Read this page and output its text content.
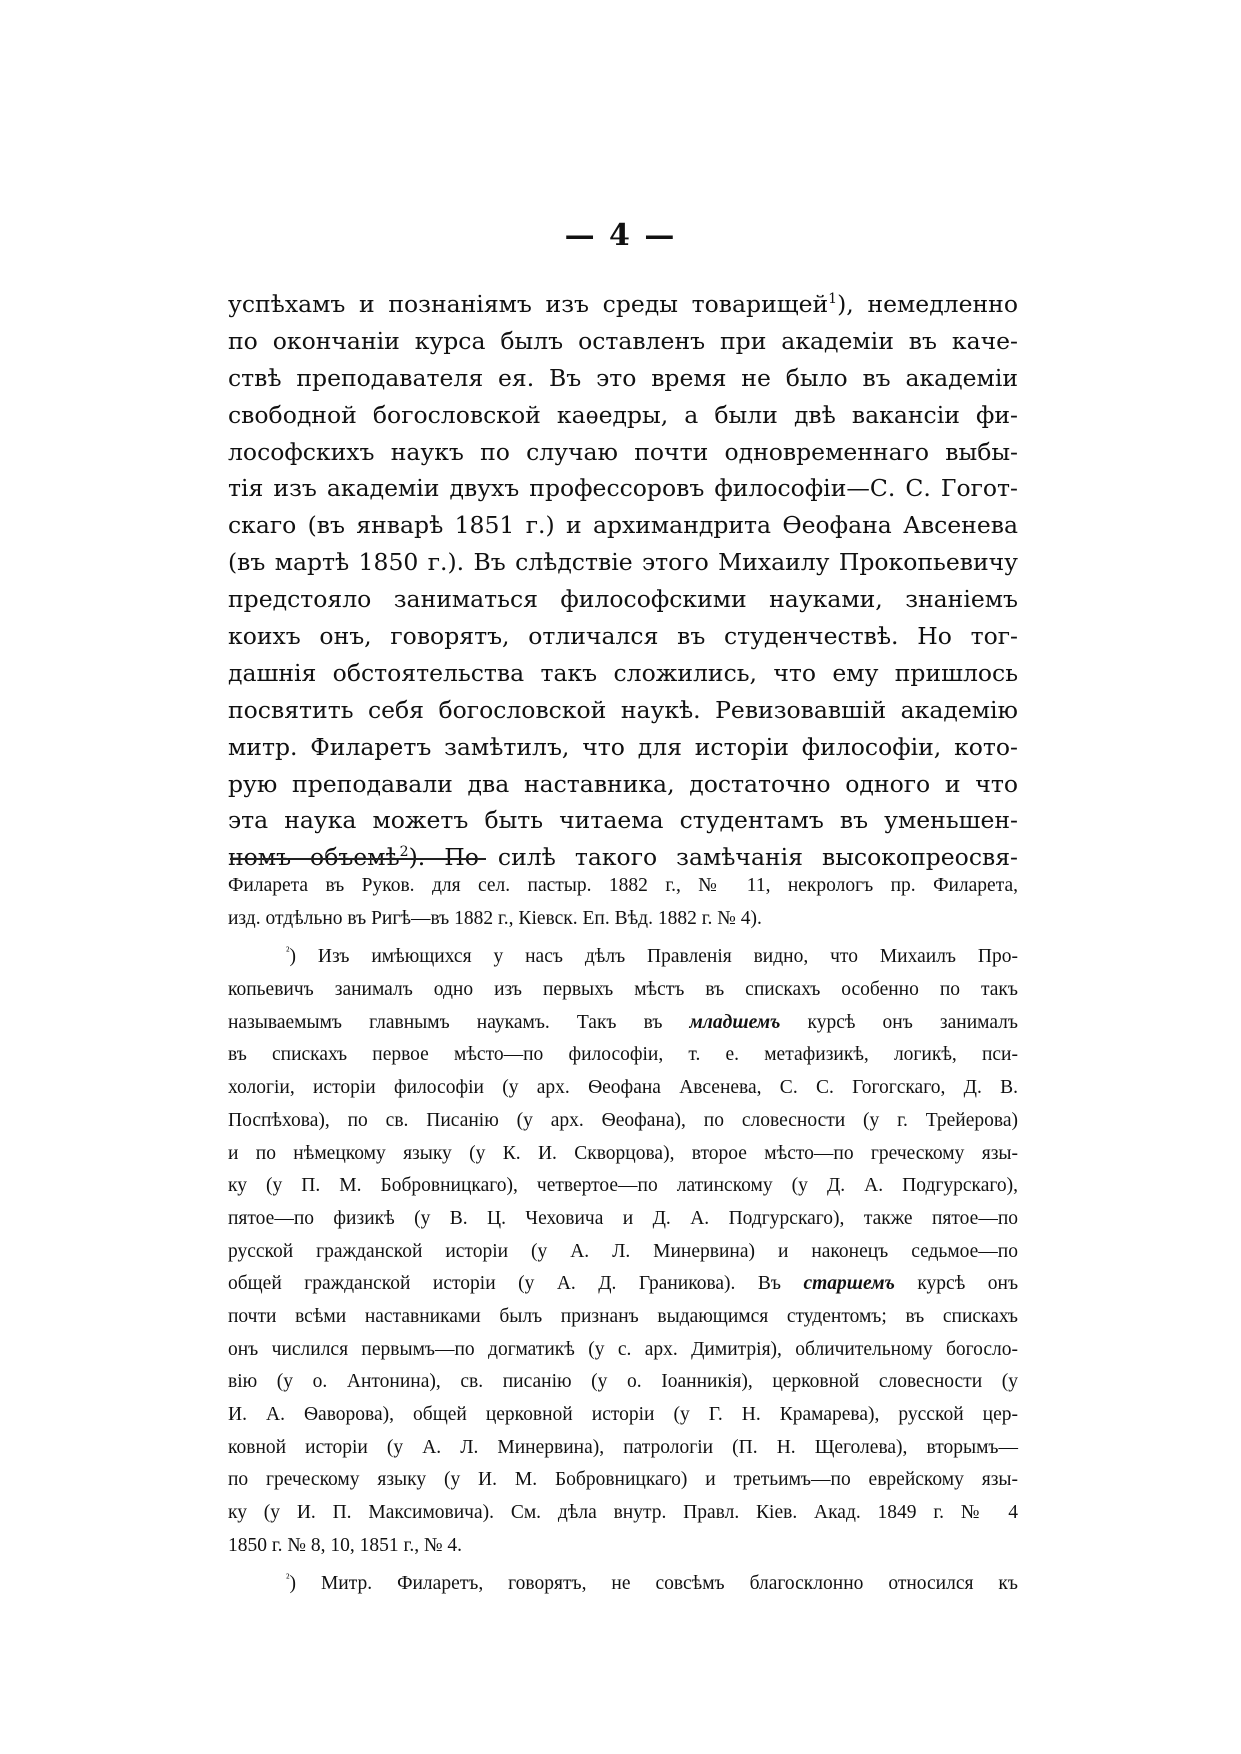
— 4 —
успѣхамъ и познаніямъ изъ среды товарищей$^1$), немедленно
по окончаніи курса былъ оставленъ при академіи въ каче-
ствѣ преподавателя ея. Въ это время не было въ академіи
свободной богословской каѳедры, а были двѣ вакансіи фи-
лософскихъ наукъ по случаю почти одновременнаго выбы-
тія изъ академіи двухъ профессоровъ философіи—С. С. Гогот-
скаго (въ январѣ 1851 г.) и архимандрита Ѳеофана Авсенева
(въ мартѣ 1850 г.). Въ слѣдствіе этого Михаилу Прокопьевичу
предстояло заниматься философскими науками, знаніемъ
коихъ онъ, говорятъ, отличался въ студенчествѣ. Но тог-
дашнія обстоятельства такъ сложились, что ему пришлось
посвятить себя богословской наукѣ. Ревизовавшій академію
митр. Филаретъ замѣтилъ, что для исторіи философіи, кото-
рую преподавали два наставника, достаточно одного и что
эта наука можетъ быть читаема студентамъ въ уменьшен-
номъ объемѣ$^2$). По силѣ такого замѣчанія высокопреосвя-
Филарета въ Руков. для сел. пастыр. 1882 г., № 11, некрологъ пр. Филарета,
изд. отдѣльно въ Ригѣ—въ 1882 г., Кіевск. Еп. Вѣд. 1882 г. № 4).
$^{^2}$) Изъ имѣющихся у насъ дѣлъ Правленія видно, что Михаилъ Про-
копьевичъ занималъ одно изъ первыхъ мѣстъ въ спискахъ особенно по такъ
называемымъ главнымъ наукамъ. Такъ въ младшемъ курсѣ онъ занималъ
въ спискахъ первое мѣсто—по философіи, т. е. метафизикѣ, логикѣ, пси-
хологіи, исторіи философіи (у арх. Ѳеофана Авсенева, С. С. Гогогскаго, Д. В.
Поспѣхова), по св. Писанію (у арх. Ѳеофана), по словесности (у г. Трейерова)
и по нѣмецкому языку (у К. И. Скворцова), второе мѣсто—по греческому язы-
ку (у П. М. Бобровницкаго), четвертое—по латинскому (у Д. А. Подгурскаго),
пятое—по физикѣ (у В. Ц. Чеховича и Д. А. Подгурскаго), также пятое—по
русской гражданской исторіи (у А. Л. Минервина) и наконецъ седьмое—по
общей гражданской исторіи (у А. Д. Граникова). Въ старшемъ курсѣ онъ
почти всѣми наставниками былъ признанъ выдающимся студентомъ; въ спискахъ
онъ числился первымъ—по догматикѣ (у с. арх. Димитрія), обличительному богосло-
вію (у о. Антонина), св. писанію (у о. Іоанникія), церковной словесности (у
И. А. Ѳаворова), общей церковной исторіи (у Г. Н. Крамарева), русской цер-
ковной исторіи (у А. Л. Минервина), патрологіи (П. Н. Щеголева), вторымъ—
по греческому языку (у И. М. Бобровницкаго) и третьимъ—по еврейскому язы-
ку (у И. П. Максимовича). См. дѣла внутр. Правл. Кіев. Акад. 1849 г. № 4
1850 г. № 8, 10, 1851 г., № 4.
$^{^2}$) Митр. Филаретъ, говорятъ, не совсѣмъ благосклонно относился къ
